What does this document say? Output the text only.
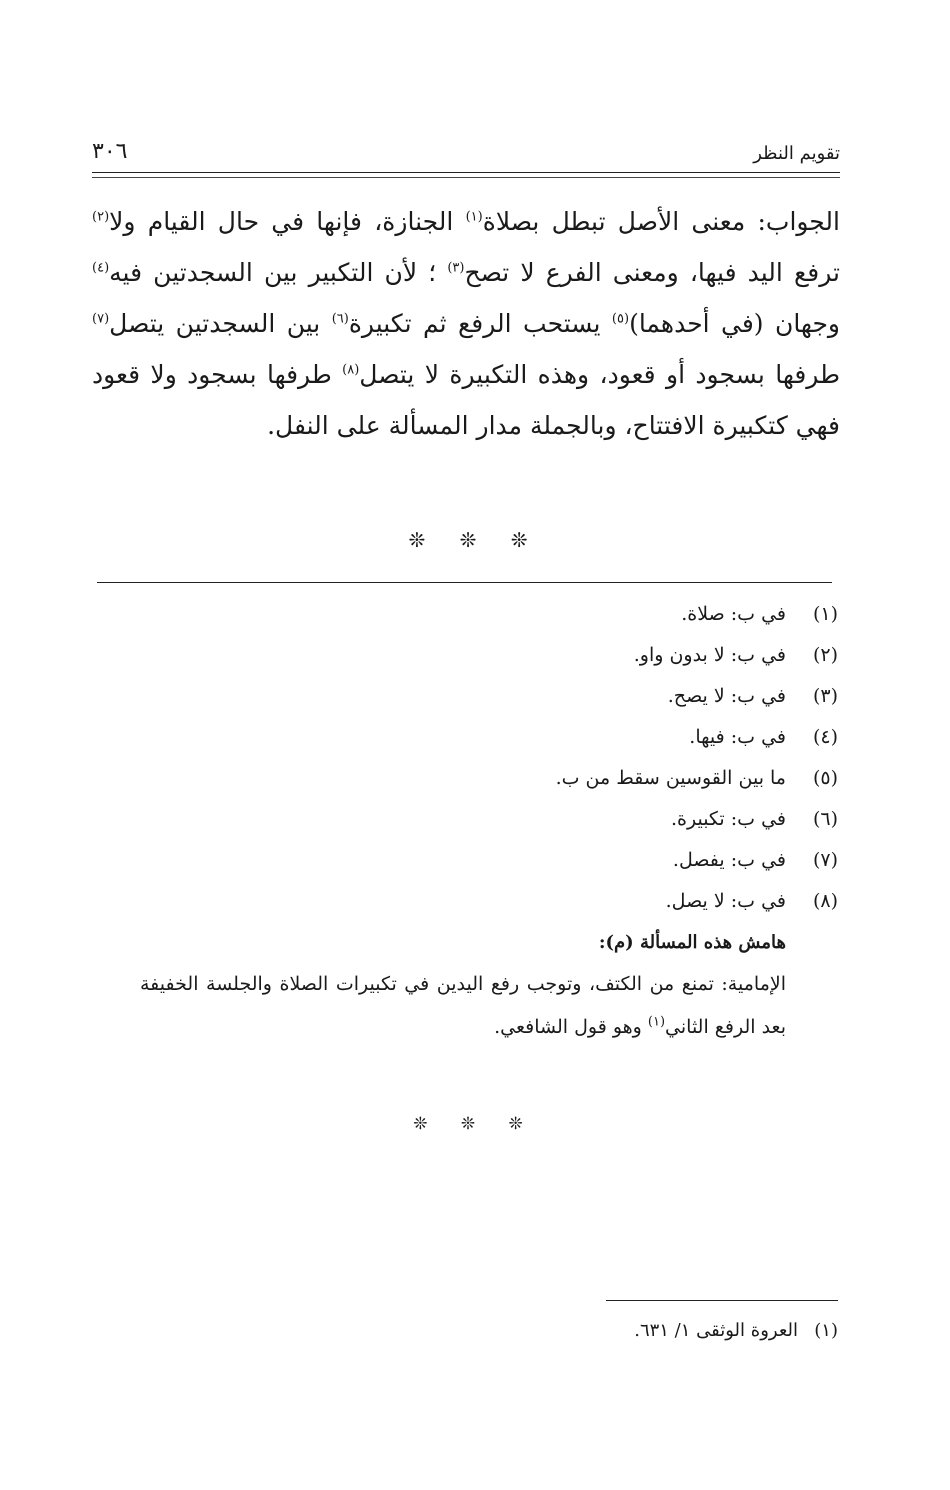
تقويم النظر
٣٠٦

الجواب: معنى الأصل تبطل بصلاة$^{(١)}$ الجنازة، فإنها في حال القيام ولا$^{(٢)}$ ترفع اليد فيها، ومعنى الفرع لا تصح$^{(٣)}$ ؛ لأن التكبير بين السجدتين فيه$^{(٤)}$ وجهان (في أحدهما)$^{(٥)}$ يستحب الرفع ثم تكبيرة$^{(٦)}$ بين السجدتين يتصل$^{(٧)}$ طرفها بسجود أو قعود، وهذه التكبيرة لا يتصل$^{(٨)}$ طرفها بسجود ولا قعود فهي كتكبيرة الافتتاح، وبالجملة مدار المسألة على النفل.

❊ ❊ ❊
(١)
في ب: صلاة.
(٢)
في ب: لا بدون واو.
(٣)
في ب: لا يصح.
(٤)
في ب: فيها.
(٥)
ما بين القوسين سقط من ب.
(٦)
في ب: تكبيرة.
(٧)
في ب: يفصل.
(٨)
في ب: لا يصل.
هامش هذه المسألة (م):
الإمامية: تمنع من الكتف، وتوجب رفع اليدين في تكبيرات الصلاة والجلسة الخفيفة بعد الرفع الثاني$^{(١)}$ وهو قول الشافعي.
❊ ❊ ❊
(١)
العروة الوثقى ١/ ٦٣١.
